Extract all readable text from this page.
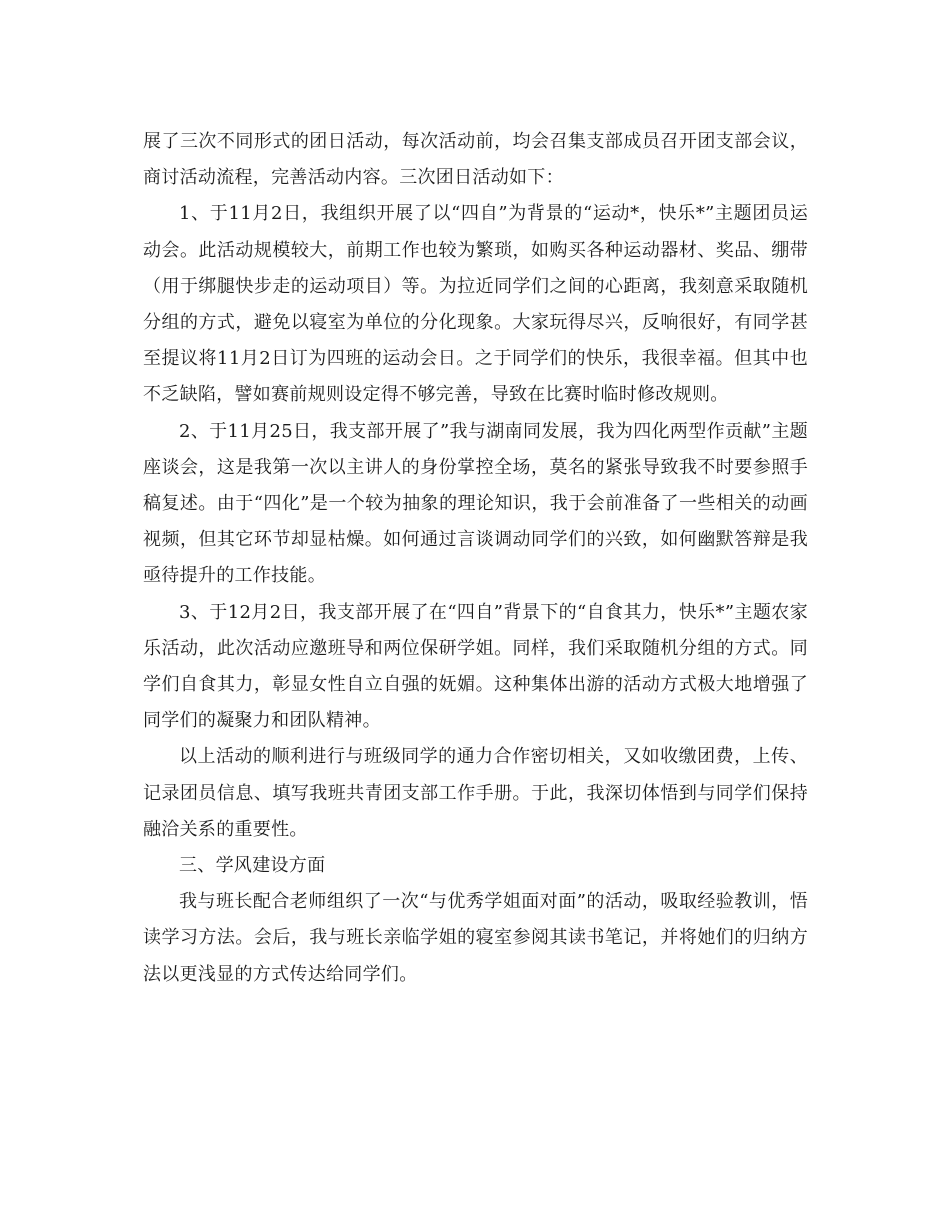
展了三次不同形式的团日活动，每次活动前，均会召集支部成员召开团支部会议，商讨活动流程，完善活动内容。三次团日活动如下：

1、于11月2日，我组织开展了以“四自”为背景的“运动*，快乐*”主题团员运动会。此活动规模较大，前期工作也较为繁琐，如购买各种运动器材、奖品、绷带（用于绑腿快步走的运动项目）等。为拉近同学们之间的心距离，我刻意采取随机分组的方式，避免以寝室为单位的分化现象。大家玩得尽兴，反响很好，有同学甚至提议将11月2日订为四班的运动会日。之于同学们的快乐，我很幸福。但其中也不乏缺陷，譬如赛前规则设定得不够完善，导致在比赛时临时修改规则。

2、于11月25日，我支部开展了”我与湖南同发展，我为四化两型作贡献”主题座谈会，这是我第一次以主讲人的身份掌控全场，莫名的紧张导致我不时要参照手稿复述。由于“四化”是一个较为抽象的理论知识，我于会前准备了一些相关的动画视频，但其它环节却显枯燥。如何通过言谈调动同学们的兴致，如何幽默答辩是我亟待提升的工作技能。

3、于12月2日，我支部开展了在“四自”背景下的“自食其力，快乐*”主题农家乐活动，此次活动应邀班导和两位保研学姐。同样，我们采取随机分组的方式。同学们自食其力，彰显女性自立自强的妩媚。这种集体出游的活动方式极大地增强了同学们的凝聚力和团队精神。

以上活动的顺利进行与班级同学的通力合作密切相关，又如收缴团费，上传、记录团员信息、填写我班共青团支部工作手册。于此，我深切体悟到与同学们保持融洽关系的重要性。

三、学风建设方面

我与班长配合老师组织了一次“与优秀学姐面对面”的活动，吸取经验教训，悟读学习方法。会后，我与班长亲临学姐的寝室参阅其读书笔记，并将她们的归纳方法以更浅显的方式传达给同学们。
